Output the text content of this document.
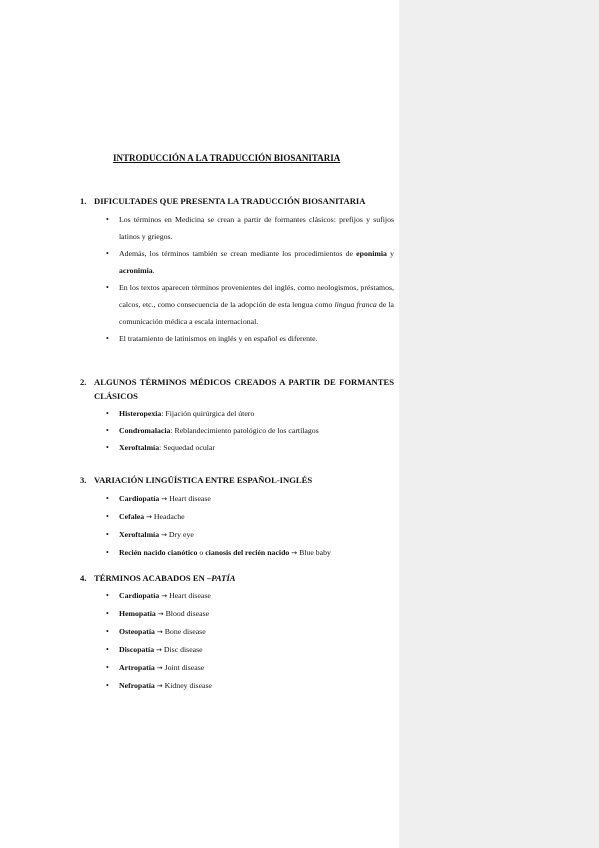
INTRODUCCIÓN A LA TRADUCCIÓN BIOSANITARIA
1. DIFICULTADES QUE PRESENTA LA TRADUCCIÓN BIOSANITARIA
• Los términos en Medicina se crean a partir de formantes clásicos: prefijos y sufijos latinos y griegos.
• Además, los términos también se crean mediante los procedimientos de eponimia y acronimia.
• En los textos aparecen términos provenientes del inglés, como neologismos, préstamos, calcos, etc., como consecuencia de la adopción de esta lengua como lingua franca de la comunicación médica a escala internacional.
• El tratamiento de latinismos en inglés y en español es diferente.
2. ALGUNOS TÉRMINOS MÉDICOS CREADOS A PARTIR DE FORMANTES CLÁSICOS
• Histeropexia: Fijación quirúrgica del útero
• Condromalacia: Reblandecimiento patológico de los cartílagos
• Xeroftalmía: Sequedad ocular
3. VARIACIÓN LINGÜÍSTICA ENTRE ESPAÑOL-INGLÉS
• Cardiopatía → Heart disease
• Cefalea → Headache
• Xeroftalmía → Dry eye
• Recién nacido cianótico o cianosis del recién nacido → Blue baby
4. TÉRMINOS ACABADOS EN –PATÍA
• Cardiopatía → Heart disease
• Hemopatía → Blood disease
• Osteopatía → Bone disease
• Discopatía → Disc disease
• Artropatía → Joint disease
• Nefropatía → Kidney disease
